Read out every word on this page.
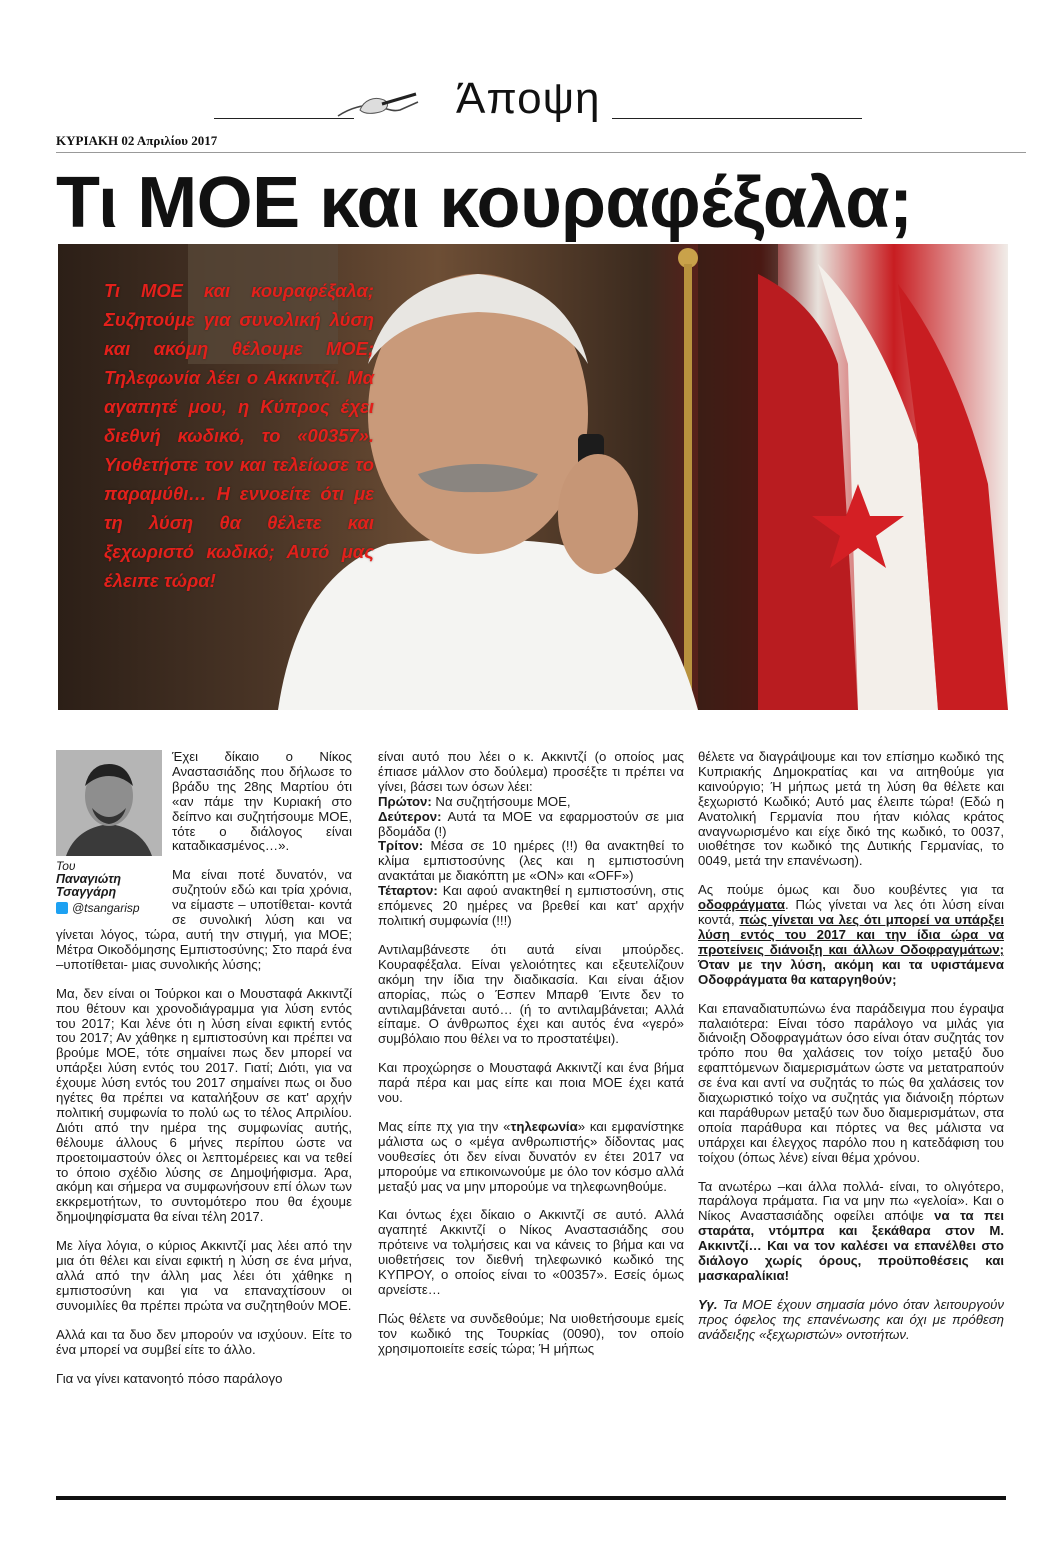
Άποψη
ΚΥΡΙΑΚΗ 02 Απριλίου 2017
Τι ΜΟΕ και κουραφέξαλα;
Τι ΜΟΕ και κουραφέξαλα; Συζητούμε για συνολική λύση και ακόμη θέλουμε ΜΟΕ; Τηλεφωνία λέει ο Ακκιντζί. Μα αγαπητέ μου, η Κύπρος έχει διεθνή κωδικό, το «00357». Υιοθετήστε τον και τελείωσε το παραμύθι… Η εννοείτε ότι με τη λύση θα θέλετε και ξεχωριστό κωδικό; Αυτό μας έλειπε τώρα!
Του
Παναγιώτη
Τσαγγάρη
@tsangarisp

Έχει δίκαιο ο Νίκος Αναστασιάδης που δήλωσε το βράδυ της 28ης Μαρτίου ότι «αν πάμε την Κυριακή στο δείπνο και συζητήσουμε ΜΟΕ, τότε ο διάλογος είναι καταδικασμένος…».

Μα είναι ποτέ δυνατόν, να συζητούν εδώ και τρία χρόνια, να είμαστε – υποτίθεται- κοντά σε συνολική λύση και να γίνεται λόγος, τώρα, αυτή την στιγμή, για ΜΟΕ; Μέτρα Οικοδόμησης Εμπιστοσύνης; Στο παρά ένα –υποτίθεται- μιας συνολικής λύσης;

Μα, δεν είναι οι Τούρκοι και ο Μουσταφά Ακκιντζί που θέτουν και χρονοδιάγραμμα για λύση εντός του 2017; Και λένε ότι η λύση είναι εφικτή εντός του 2017; Αν χάθηκε η εμπιστοσύνη και πρέπει να βρούμε ΜΟΕ, τότε σημαίνει πως δεν μπορεί να υπάρξει λύση εντός του 2017. Γιατί; Διότι, για να έχουμε λύση εντός του 2017 σημαίνει πως οι δυο ηγέτες θα πρέπει να καταλήξουν σε κατ' αρχήν πολιτική συμφωνία το πολύ ως το τέλος Απριλίου. Διότι από την ημέρα της συμφωνίας αυτής, θέλουμε άλλους 6 μήνες περίπου ώστε να προετοιμαστούν όλες οι λεπτομέρειες και να τεθεί το όποιο σχέδιο λύσης σε Δημοψήφισμα. Άρα, ακόμη και σήμερα να συμφωνήσουν επί όλων των εκκρεμοτήτων, το συντομότερο που θα έχουμε δημοψηφίσματα θα είναι τέλη 2017.

Με λίγα λόγια, ο κύριος Ακκιντζί μας λέει από την μια ότι θέλει και είναι εφικτή η λύση σε ένα μήνα, αλλά από την άλλη μας λέει ότι χάθηκε η εμπιστοσύνη και για να επαναχτίσουν οι συνομιλίες θα πρέπει πρώτα να συζητηθούν ΜΟΕ.

Αλλά και τα δυο δεν μπορούν να ισχύουν. Είτε το ένα μπορεί να συμβεί είτε το άλλο.

Για να γίνει κατανοητό πόσο παράλογο

είναι αυτό που λέει ο κ. Ακκιντζί (ο οποίος μας έπιασε μάλλον στο δούλεμα) προσέξτε τι πρέπει να γίνει, βάσει των όσων λέει:

Πρώτον: Να συζητήσουμε ΜΟΕ,
Δεύτερον: Αυτά τα ΜΟΕ να εφαρμοστούν σε μια βδομάδα (!)
Τρίτον: Μέσα σε 10 ημέρες (!!) θα ανακτηθεί το κλίμα εμπιστοσύνης (λες και η εμπιστοσύνη ανακτάται με διακόπτη με «ΟΝ» και «OFF»)

Τέταρτον: Και αφού ανακτηθεί η εμπιστοσύνη, στις επόμενες 20 ημέρες να βρεθεί και κατ' αρχήν πολιτική συμφωνία (!!!)

Αντιλαμβάνεστε ότι αυτά είναι μπούρδες. Κουραφέξαλα. Είναι γελοιότητες και εξευτελίζουν ακόμη την ίδια την διαδικασία. Και είναι άξιον απορίας, πώς ο Έσπεν Μπαρθ Έιντε δεν το αντιλαμβάνεται αυτό… (ή το αντιλαμβάνεται; Αλλά είπαμε. Ο άνθρωπος έχει και αυτός ένα «γερό» συμβόλαιο που θέλει να το προστατέψει).

Και προχώρησε ο Μουσταφά Ακκιντζί και ένα βήμα παρά πέρα και μας είπε και ποια ΜΟΕ έχει κατά νου.

Μας είπε πχ για την «τηλεφωνία» και εμφανίστηκε μάλιστα ως ο «μέγα ανθρωπιστής» δίδοντας μας νουθεσίες ότι δεν είναι δυνατόν εν έτει 2017 να μπορούμε να επικοινωνούμε με όλο τον κόσμο αλλά μεταξύ μας να μην μπορούμε να τηλεφωνηθούμε.

Και όντως έχει δίκαιο ο Ακκιντζί σε αυτό. Αλλά αγαπητέ Ακκιντζί ο Νίκος Αναστασιάδης σου πρότεινε να τολμήσεις και να κάνεις το βήμα και να υιοθετήσεις τον διεθνή τηλεφωνικό κωδικό της ΚΥΠΡΟΥ, ο οποίος είναι το «00357». Εσείς όμως αρνείστε…

Πώς θέλετε να συνδεθούμε; Να υιοθετήσουμε εμείς τον κωδικό της Τουρκίας (0090), τον οποίο χρησιμοποιείτε εσείς τώρα; Ή μήπως

θέλετε να διαγράψουμε και τον επίσημο κωδικό της Κυπριακής Δημοκρατίας και να αιτηθούμε για καινούργιο; Ή μήπως μετά τη λύση θα θέλετε και ξεχωριστό Κωδικό; Αυτό μας έλειπε τώρα! (Εδώ η Ανατολική Γερμανία που ήταν κιόλας κράτος αναγνωρισμένο και είχε δικό της κωδικό, το 0037, υιοθέτησε τον κωδικό της Δυτικής Γερμανίας, το 0049, μετά την επανένωση).

Ας πούμε όμως και δυο κουβέντες για τα οδοφράγματα. Πώς γίνεται να λες ότι λύση είναι κοντά, πώς γίνεται να λες ότι μπορεί να υπάρξει λύση εντός του 2017 και την ίδια ώρα να προτείνεις διάνοιξη και άλλων Οδοφραγμάτων; Όταν με την λύση, ακόμη και τα υφιστάμενα Οδοφράγματα θα καταργηθούν;

Και επαναδιατυπώνω ένα παράδειγμα που έγραψα παλαιότερα: Είναι τόσο παράλογο να μιλάς για διάνοιξη Οδοφραγμάτων όσο είναι όταν συζητάς τον τρόπο που θα χαλάσεις τον τοίχο μεταξύ δυο εφαπτόμενων διαμερισμάτων ώστε να μετατραπούν σε ένα και αντί να συζητάς το πώς θα χαλάσεις τον διαχωριστικό τοίχο να συζητάς για διάνοιξη πόρτων και παράθυρων μεταξύ των δυο διαμερισμάτων, στα οποία παράθυρα και πόρτες να θες μάλιστα να υπάρχει και έλεγχος παρόλο που η κατεδάφιση του τοίχου (όπως λένε) είναι θέμα χρόνου.

Τα ανωτέρω –και άλλα πολλά- είναι, το ολιγότερο, παράλογα πράματα. Για να μην πω «γελοία». Και ο Νίκος Αναστασιάδης οφείλει απόψε να τα πει σταράτα, ντόμπρα και ξεκάθαρα στον Μ. Ακκιντζί… Και να τον καλέσει να επανέλθει στο διάλογο χωρίς όρους, προϋποθέσεις και μασκαραλίκια!

Υγ. Τα ΜΟΕ έχουν σημασία μόνο όταν λειτουργούν προς όφελος της επανένωσης και όχι με πρόθεση ανάδειξης «ξεχωριστών» οντοτήτων.
